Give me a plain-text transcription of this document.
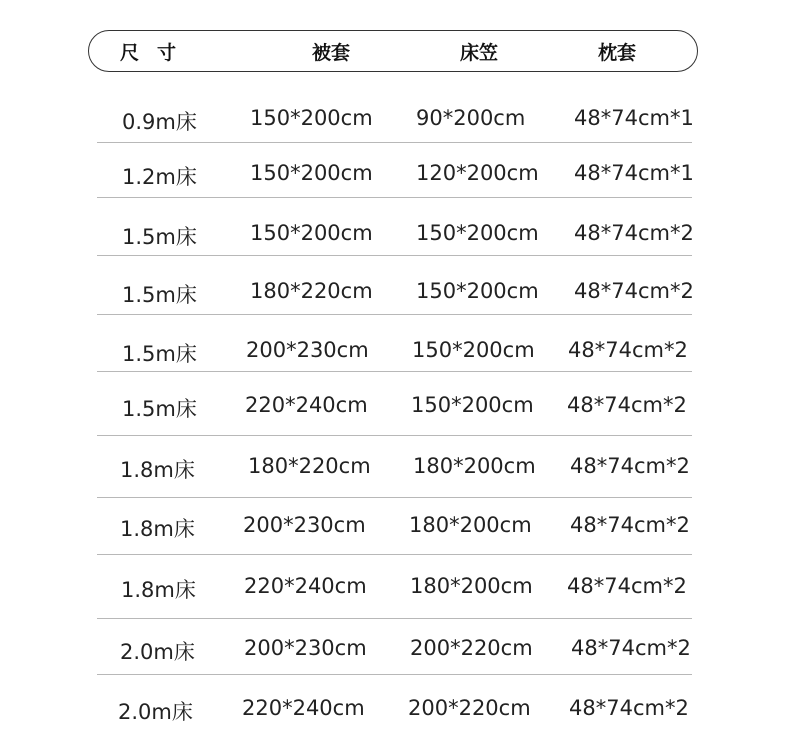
尺寸	被套	床笠	枕套
0.9m床	150*200cm 90*200cm 48*74cm*1
1.2m床	150*200cm 120*200cm 48*74cm*1
1.5m床	150*200cm 150*200cm 48*74cm*2
1.5m床	180*220cm 150*200cm 48*74cm*2
1.5m床 200*230cm 150*200cm 48*74cm*2
1.5m床 220*240cm 150*200cm 48*74cm*2
1.8m床	180*220cm 180*200cm 48*74cm*2
1.8m床 200*230cm 180*200cm 48*74cm*2
1.8m床 220*240cm 180*200cm 48*74cm*2
2.0m床 200*230cm 200*220cm 48*74cm*2
2.0m床 220*240cm 200*220cm 48*74cm*2
